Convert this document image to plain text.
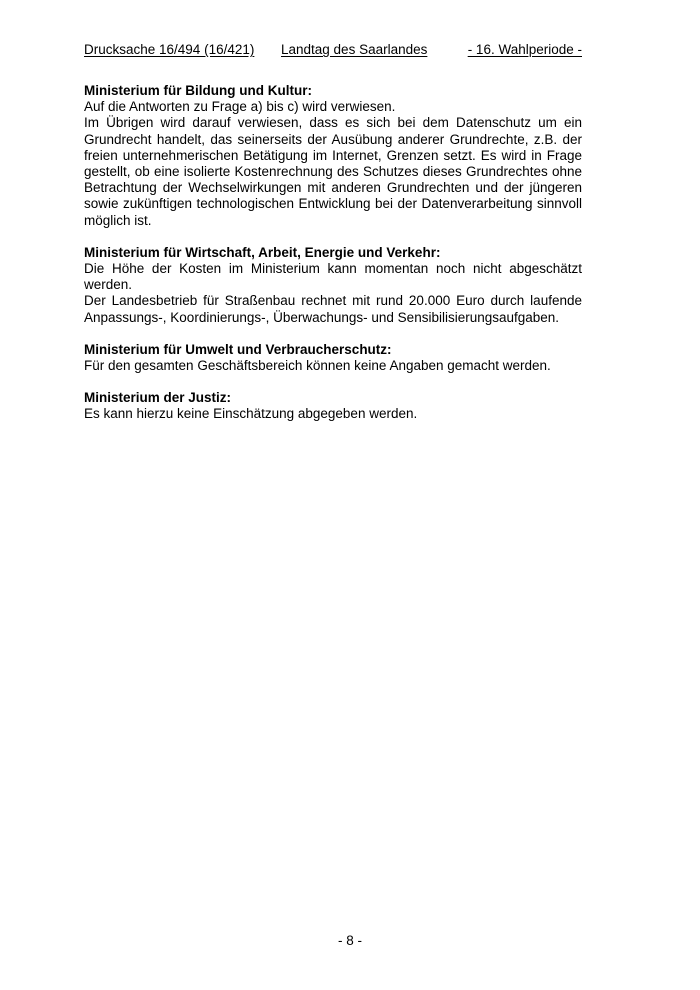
Drucksache 16/494 (16/421) Landtag des Saarlandes	- 16. Wahlperiode -

Ministerium für Bildung und Kultur:

Auf die Antworten zu Frage a) bis c) wird verwiesen.

Im Übrigen wird darauf verwiesen, dass es sich bei dem Datenschutz um ein Grundrecht handelt, das seinerseits der Ausübung anderer Grundrechte, z.B. der freien unternehmerischen Betätigung im Internet, Grenzen setzt. Es wird in Frage gestellt, ob eine isolierte Kostenrechnung des Schutzes dieses Grundrechtes ohne Betrachtung der Wechselwirkungen mit anderen Grundrechten und der jüngeren sowie zukünftigen technologischen Entwicklung bei der Datenverarbeitung sinnvoll möglich ist.

Ministerium für Wirtschaft, Arbeit, Energie und Verkehr:

Die Höhe der Kosten im Ministerium kann momentan noch nicht abgeschätzt werden.

Der Landesbetrieb für Straßenbau rechnet mit rund 20.000 Euro durch laufende Anpassungs-, Koordinierungs-, Überwachungs- und Sensibilisierungsaufgaben.

Ministerium für Umwelt und Verbraucherschutz:

Für den gesamten Geschäftsbereich können keine Angaben gemacht werden.

Ministerium der Justiz:

Es kann hierzu keine Einschätzung abgegeben werden.

- 8 -
